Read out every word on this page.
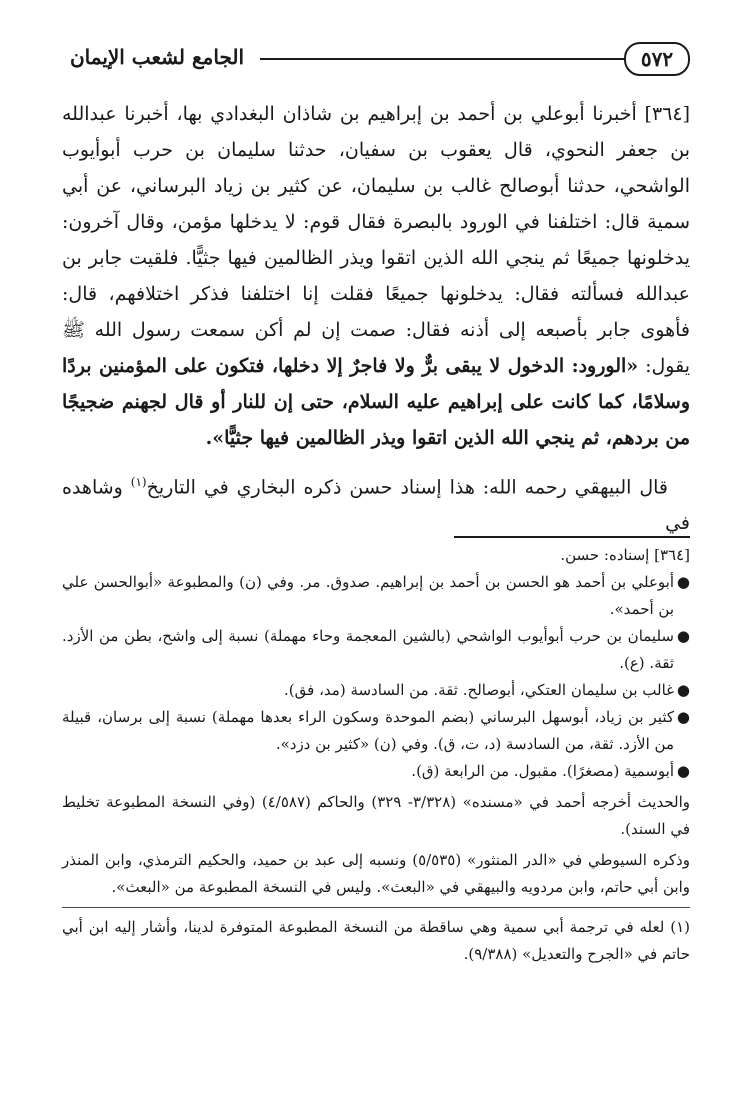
٥٧٢
الجامع لشعب الإيمان

[٣٦٤] أخبرنا أبوعلي بن أحمد بن إبراهيم بن شاذان البغدادي بها، أخبرنا عبدالله بن جعفر النحوي، قال يعقوب بن سفيان، حدثنا سليمان بن حرب أبوأيوب الواشحي، حدثنا أبوصالح غالب بن سليمان، عن كثير بن زياد البرساني، عن أبي سمية قال: اختلفنا في الورود بالبصرة فقال قوم: لا يدخلها مؤمن، وقال آخرون: يدخلونها جميعًا ثم ينجي الله الذين اتقوا ويذر الظالمين فيها جثيًّا. فلقيت جابر بن عبدالله فسألته فقال: يدخلونها جميعًا فقلت إنا اختلفنا فذكر اختلافهم، قال: فأهوى جابر بأصبعه إلى أذنه فقال: صمت إن لم أكن سمعت رسول الله ﷺ يقول: «الورود: الدخول لا يبقى برٌّ ولا فاجرٌ إلا دخلها، فتكون على المؤمنين بردًا وسلامًا، كما كانت على إبراهيم عليه السلام، حتى إن للنار أو قال لجهنم ضجيجًا من بردهم، ثم ينجي الله الذين اتقوا ويذر الظالمين فيها جثيًّا».

قال البيهقي رحمه الله: هذا إسناد حسن ذكره البخاري في التاريخ$^{(١)}$ وشاهده في

[٣٦٤] إسناده: حسن.

●
أبوعلي بن أحمد هو الحسن بن أحمد بن إبراهيم. صدوق. مر. وفي (ن) والمطبوعة «أبوالحسن علي بن أحمد».
●
سليمان بن حرب أبوأيوب الواشحي (بالشين المعجمة وحاء مهملة) نسبة إلى واشح، بطن من الأزد. ثقة. (ع).
●
غالب بن سليمان العتكي، أبوصالح. ثقة. من السادسة (مد، فق).
●
كثير بن زياد، أبوسهل البرساني (بضم الموحدة وسكون الراء بعدها مهملة) نسبة إلى برسان، قبيلة من الأزد. ثقة، من السادسة (د، ت، ق). وفي (ن) «كثير بن دزد».
●
أبوسمية (مصغرًا). مقبول. من الرابعة (ق).

والحديث أخرجه أحمد في «مسنده» (٣/٣٢٨- ٣٢٩) والحاكم (٤/٥٨٧) (وفي النسخة المطبوعة تخليط في السند).

وذكره السيوطي في «الدر المنثور» (٥/٥٣٥) ونسبه إلى عبد بن حميد، والحكيم الترمذي، وابن المنذر وابن أبي حاتم، وابن مردويه والبيهقي في «البعث». وليس في النسخة المطبوعة من «البعث».

(١) لعله في ترجمة أبي سمية وهي ساقطة من النسخة المطبوعة المتوفرة لدينا، وأشار إليه ابن أبي حاتم في «الجرح والتعديل» (٩/٣٨٨).
